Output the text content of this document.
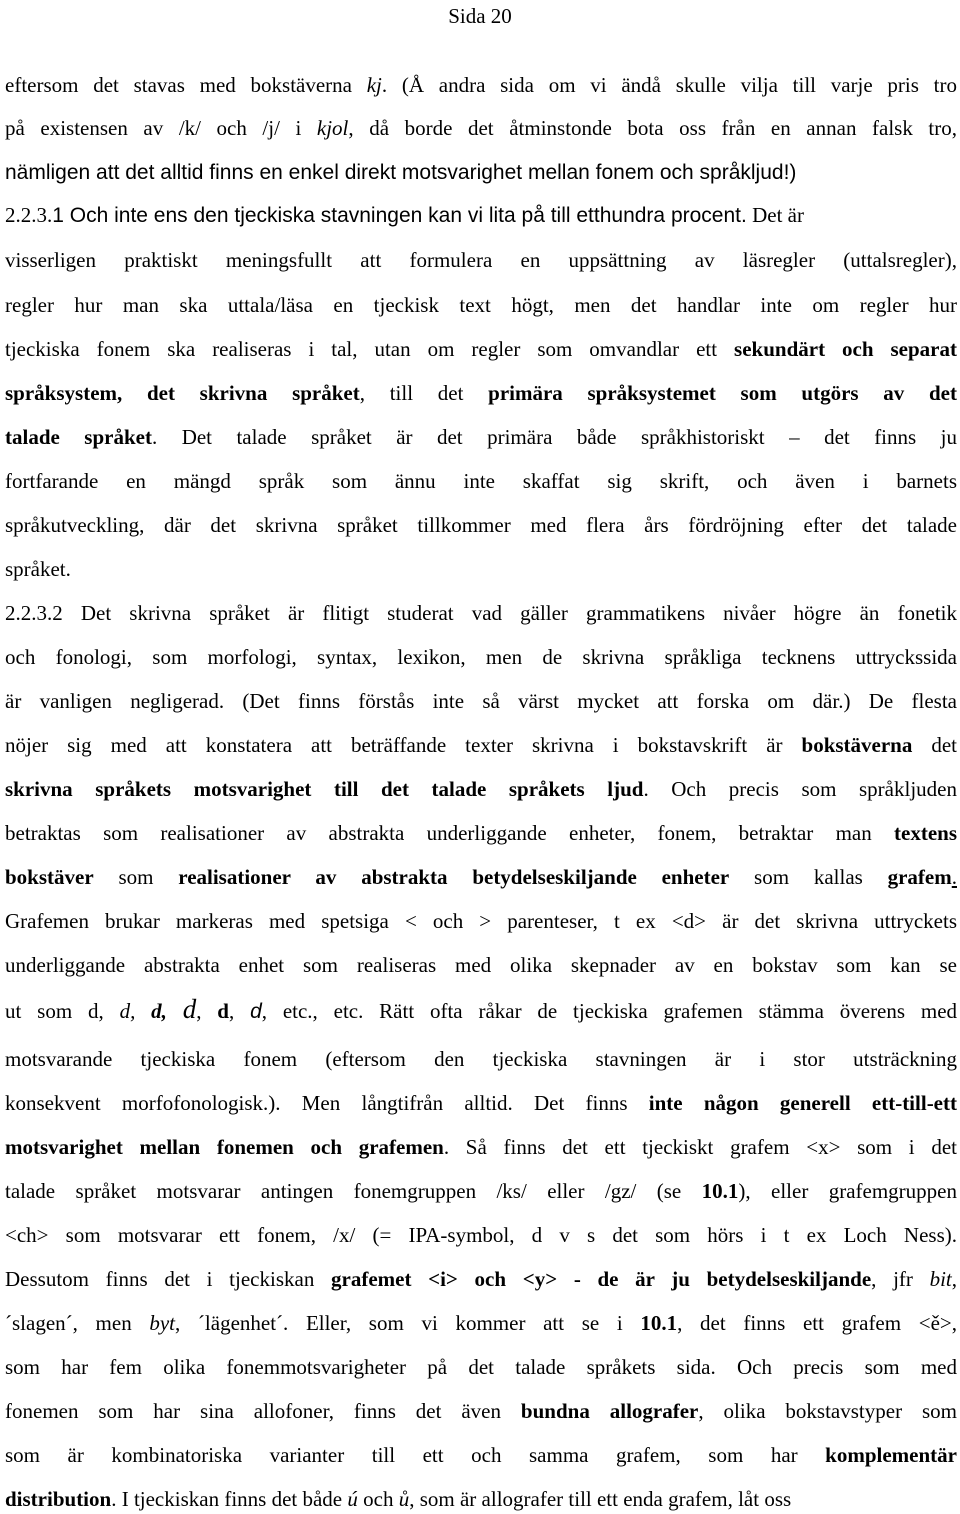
Sida 20
eftersom det stavas med bokstäverna kj. (Å andra sida om vi ändå skulle vilja till varje pris tro
på existensen av /k/ och /j/ i kjol, då borde det åtminstonde bota oss från en annan falsk tro,
nämligen att det alltid finns en enkel direkt motsvarighet mellan fonem och språkljud!)
2.2.3.1 Och inte ens den tjeckiska stavningen kan vi lita på till etthundra procent. Det är
visserligen praktiskt meningsfullt att formulera en uppsättning av läsregler (uttalsregler),
regler hur man ska uttala/läsa en tjeckisk text högt, men det handlar inte om regler hur
tjeckiska fonem ska realiseras i tal, utan om regler som omvandlar ett sekundärt och separat
språksystem, det skrivna språket, till det primära språksystemet som utgörs av det
talade språket. Det talade språket är det primära både språkhistoriskt – det finns ju
fortfarande en mängd språk som ännu inte skaffat sig skrift, och även i barnets
språkutveckling, där det skrivna språket tillkommer med flera års fördröjning efter det talade
språket.
2.2.3.2 Det skrivna språket är flitigt studerat vad gäller grammatikens nivåer högre än fonetik
och fonologi, som morfologi, syntax, lexikon, men de skrivna språkliga tecknens uttryckssida
är vanligen negligerad. (Det finns förstås inte så värst mycket att forska om där.) De flesta
nöjer sig med att konstatera att beträffande texter skrivna i bokstavskrift är bokstäverna det
skrivna språkets motsvarighet till det talade språkets ljud. Och precis som språkljuden
betraktas som realisationer av abstrakta underliggande enheter, fonem, betraktar man textens
bokstäver som realisationer av abstrakta betydelseskiljande enheter som kallas grafem.
Grafemen brukar markeras med spetsiga < och > parenteser, t ex <d> är det skrivna uttryckets
underliggande abstrakta enhet som realiseras med olika skepnader av en bokstav som kan se
ut som d, d, d, d, d, d, etc., etc. Rätt ofta råkar de tjeckiska grafemen stämma överens med
motsvarande tjeckiska fonem (eftersom den tjeckiska stavningen är i stor utsträckning
konsekvent morfofonologisk.). Men långtifrån alltid. Det finns inte någon generell ett-till-ett
motsvarighet mellan fonemen och grafemen. Så finns det ett tjeckiskt grafem <x> som i det
talade språket motsvarar antingen fonemgruppen /ks/ eller /gz/ (se 10.1), eller grafemgruppen
<ch> som motsvarar ett fonem, /x/ (= IPA-symbol, d v s det som hörs i t ex Loch Ness).
Dessutom finns det i tjeckiskan grafemet <i> och <y> - de är ju betydelseskiljande, jfr bit,
´slagen´, men byt, ´lägenhet´. Eller, som vi kommer att se i 10.1, det finns ett grafem <ě>,
som har fem olika fonemmotsvarigheter på det talade språkets sida. Och precis som med
fonemen som har sina allofoner, finns det även bundna allografer, olika bokstavstyper som
som är kombinatoriska varianter till ett och samma grafem, som har komplementär
distribution. I tjeckiskan finns det både ú och ů, som är allografer till ett enda grafem, låt oss
